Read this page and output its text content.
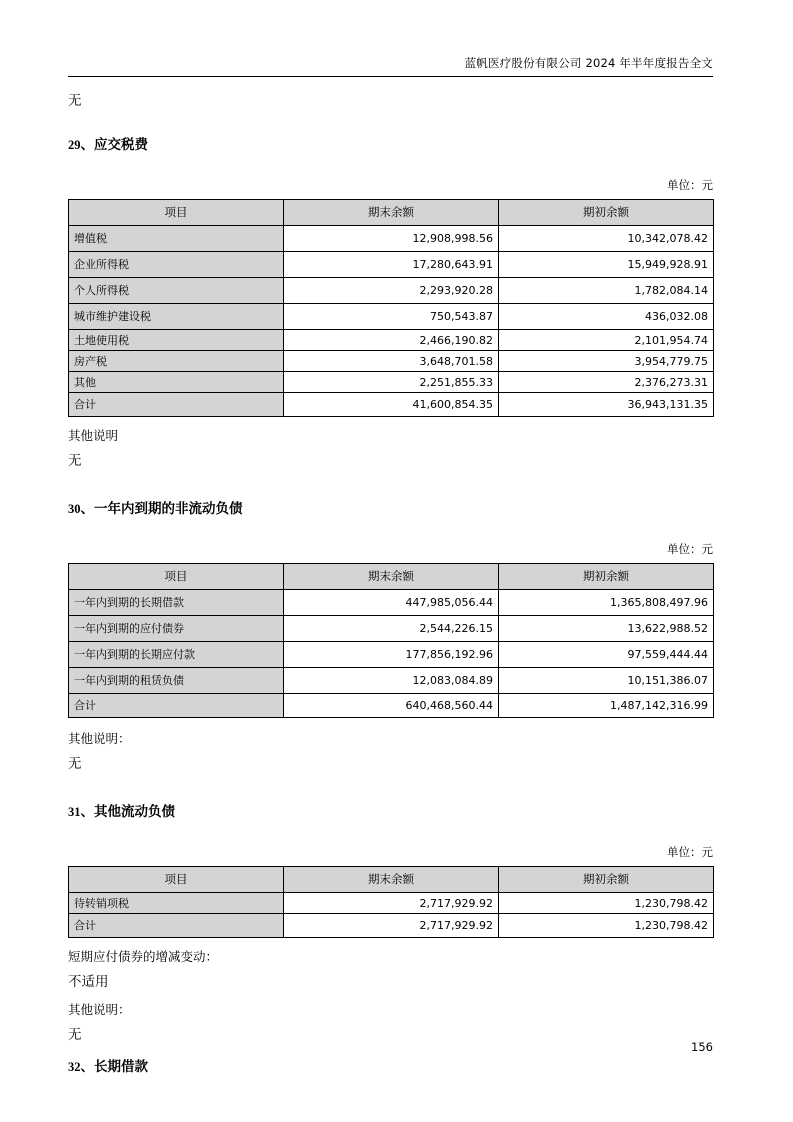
蓝帆医疗股份有限公司 2024 年半年度报告全文

无

29、应交税费

单位：元

项目	期末余额	期初余额
增值税	12,908,998.56	10,342,078.42
企业所得税	17,280,643.91	15,949,928.91
个人所得税	2,293,920.28	1,782,084.14
城市维护建设税	750,543.87	436,032.08
土地使用税	2,466,190.82	2,101,954.74
房产税	3,648,701.58	3,954,779.75
其他	2,251,855.33	2,376,273.31
合计	41,600,854.35	36,943,131.35

其他说明

无

30、一年内到期的非流动负债

单位：元

项目	期末余额	期初余额
一年内到期的长期借款	447,985,056.44	1,365,808,497.96
一年内到期的应付债券	2,544,226.15	13,622,988.52
一年内到期的长期应付款	177,856,192.96	97,559,444.44
一年内到期的租赁负债	12,083,084.89	10,151,386.07
合计	640,468,560.44	1,487,142,316.99

其他说明：

无

31、其他流动负债

单位：元

项目	期末余额	期初余额
待转销项税	2,717,929.92	1,230,798.42
合计	2,717,929.92	1,230,798.42

短期应付债券的增减变动：

不适用

其他说明：

无

32、长期借款

156
